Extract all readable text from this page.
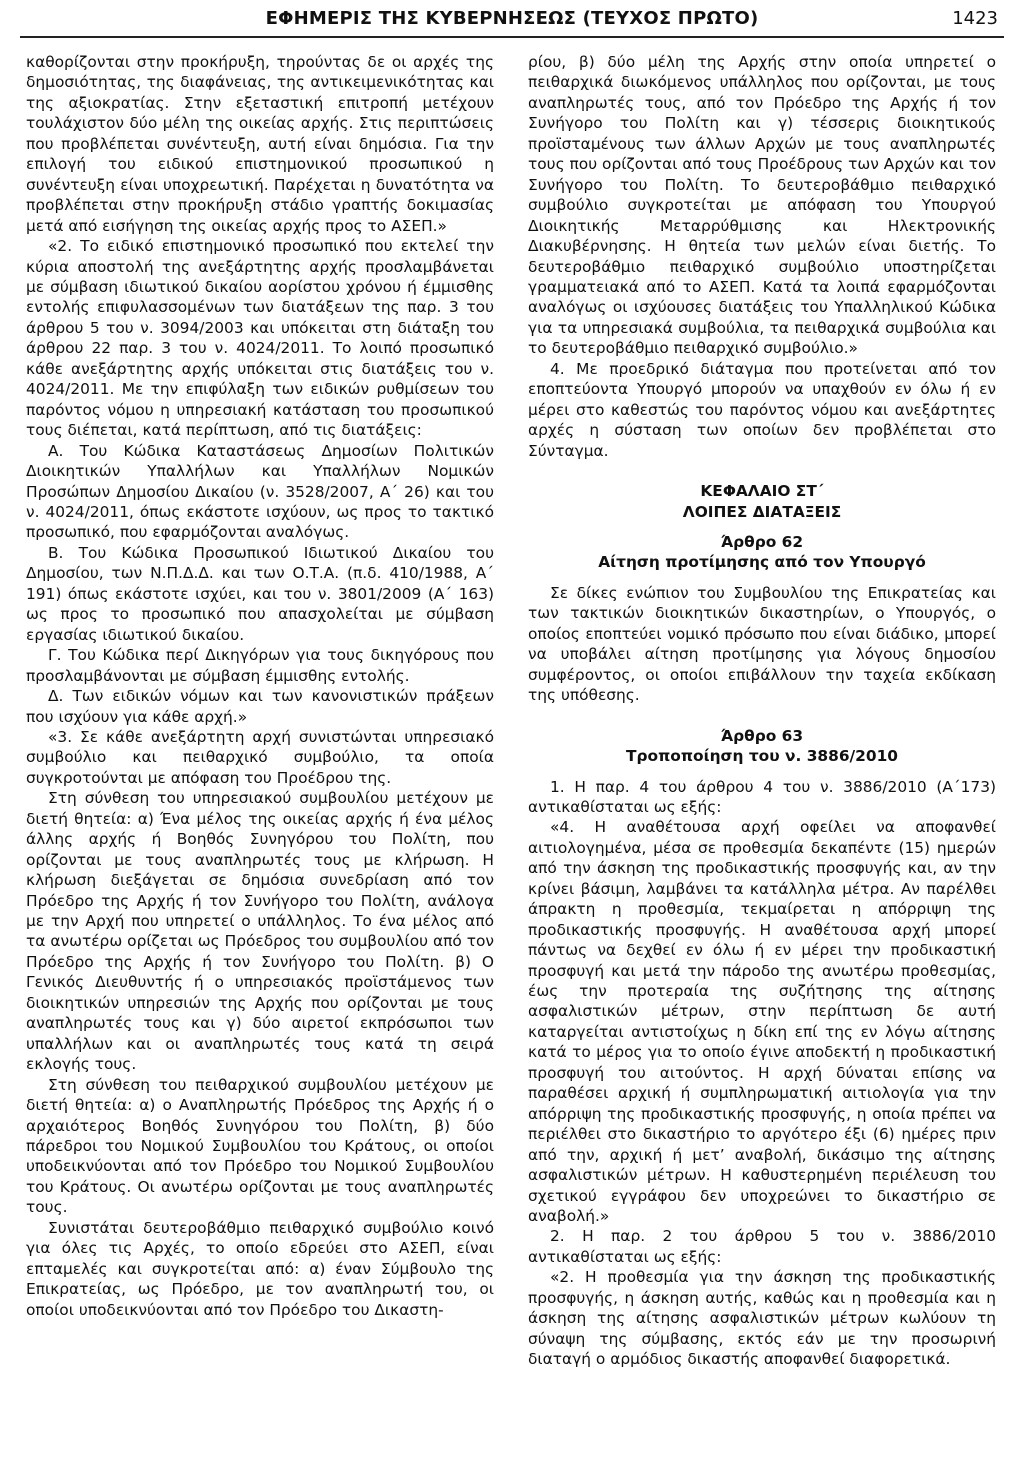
ΕΦΗΜΕΡΙΣ ΤΗΣ ΚΥΒΕΡΝΗΣΕΩΣ (ΤΕΥΧΟΣ ΠΡΩΤΟ)	1423

καθορίζονται στην προκήρυξη, τηρούντας δε οι αρχές της δημοσιότητας, της διαφάνειας, της αντικειμενικότητας και της αξιοκρατίας. Στην εξεταστική επιτροπή μετέχουν τουλάχιστον δύο μέλη της οικείας αρχής. Στις περιπτώσεις που προβλέπεται συνέντευξη, αυτή είναι δημόσια. Για την επιλογή του ειδικού επιστημονικού προσωπικού η συνέντευξη είναι υποχρεωτική. Παρέχεται η δυνατότητα να προβλέπεται στην προκήρυξη στάδιο γραπτής δοκιμασίας μετά από εισήγηση της οικείας αρχής προς το ΑΣΕΠ.»

«2. Το ειδικό επιστημονικό προσωπικό που εκτελεί την κύρια αποστολή της ανεξάρτητης αρχής προσλαμβάνεται με σύμβαση ιδιωτικού δικαίου αορίστου χρόνου ή έμμισθης εντολής επιφυλασσομένων των διατάξεων της παρ. 3 του άρθρου 5 του ν. 3094/2003 και υπόκειται στη διάταξη του άρθρου 22 παρ. 3 του ν. 4024/2011. Το λοιπό προσωπικό κάθε ανεξάρτητης αρχής υπόκειται στις διατάξεις του ν. 4024/2011. Με την επιφύλαξη των ειδικών ρυθμίσεων του παρόντος νόμου η υπηρεσιακή κατάσταση του προσωπικού τους διέπεται, κατά περίπτωση, από τις διατάξεις:

Α. Του Κώδικα Καταστάσεως Δημοσίων Πολιτικών Διοικητικών Υπαλλήλων και Υπαλλήλων Νομικών Προσώπων Δημοσίου Δικαίου (ν. 3528/2007, Α΄ 26) και του ν. 4024/2011, όπως εκάστοτε ισχύουν, ως προς το τακτικό προσωπικό, που εφαρμόζονται αναλόγως.

Β. Του Κώδικα Προσωπικού Ιδιωτικού Δικαίου του Δημοσίου, των Ν.Π.Δ.Δ. και των Ο.Τ.Α. (π.δ. 410/1988, Α΄ 191) όπως εκάστοτε ισχύει, και του ν. 3801/2009 (Α΄ 163) ως προς το προσωπικό που απασχολείται με σύμβαση εργασίας ιδιωτικού δικαίου.

Γ. Του Κώδικα περί Δικηγόρων για τους δικηγόρους που προσλαμβάνονται με σύμβαση έμμισθης εντολής.

Δ. Των ειδικών νόμων και των κανονιστικών πράξεων που ισχύουν για κάθε αρχή.»

«3. Σε κάθε ανεξάρτητη αρχή συνιστώνται υπηρεσιακό συμβούλιο και πειθαρχικό συμβούλιο, τα οποία συγκροτούνται με απόφαση του Προέδρου της.

Στη σύνθεση του υπηρεσιακού συμβουλίου μετέχουν με διετή θητεία: α) Ένα μέλος της οικείας αρχής ή ένα μέλος άλλης αρχής ή Βοηθός Συνηγόρου του Πολίτη, που ορίζονται με τους αναπληρωτές τους με κλήρωση. Η κλήρωση διεξάγεται σε δημόσια συνεδρίαση από τον Πρόεδρο της Αρχής ή τον Συνήγορο του Πολίτη, ανάλογα με την Αρχή που υπηρετεί ο υπάλληλος. Το ένα μέλος από τα ανωτέρω ορίζεται ως Πρόεδρος του συμβουλίου από τον Πρόεδρο της Αρχής ή τον Συνήγορο του Πολίτη. β) Ο Γενικός Διευθυντής ή ο υπηρεσιακός προϊστάμενος των διοικητικών υπηρεσιών της Αρχής που ορίζονται με τους αναπληρωτές τους και γ) δύο αιρετοί εκπρόσωποι των υπαλλήλων και οι αναπληρωτές τους κατά τη σειρά εκλογής τους.

Στη σύνθεση του πειθαρχικού συμβουλίου μετέχουν με διετή θητεία: α) ο Αναπληρωτής Πρόεδρος της Αρχής ή ο αρχαιότερος Βοηθός Συνηγόρου του Πολίτη, β) δύο πάρεδροι του Νομικού Συμβουλίου του Κράτους, οι οποίοι υποδεικνύονται από τον Πρόεδρο του Νομικού Συμβουλίου του Κράτους. Οι ανωτέρω ορίζονται με τους αναπληρωτές τους.

Συνιστάται δευτεροβάθμιο πειθαρχικό συμβούλιο κοινό για όλες τις Αρχές, το οποίο εδρεύει στο ΑΣΕΠ, είναι επταμελές και συγκροτείται από: α) έναν Σύμβουλο της Επικρατείας, ως Πρόεδρο, με τον αναπληρωτή του, οι οποίοι υποδεικνύονται από τον Πρόεδρο του Δικαστη-

ρίου, β) δύο μέλη της Αρχής στην οποία υπηρετεί ο πειθαρχικά διωκόμενος υπάλληλος που ορίζονται, με τους αναπληρωτές τους, από τον Πρόεδρο της Αρχής ή τον Συνήγορο του Πολίτη και γ) τέσσερις διοικητικούς προϊσταμένους των άλλων Αρχών με τους αναπληρωτές τους που ορίζονται από τους Προέδρους των Αρχών και τον Συνήγορο του Πολίτη. Το δευτεροβάθμιο πειθαρχικό συμβούλιο συγκροτείται με απόφαση του Υπουργού Διοικητικής Μεταρρύθμισης και Ηλεκτρονικής Διακυβέρνησης. Η θητεία των μελών είναι διετής. Το δευτεροβάθμιο πειθαρχικό συμβούλιο υποστηρίζεται γραμματειακά από το ΑΣΕΠ. Κατά τα λοιπά εφαρμόζονται αναλόγως οι ισχύουσες διατάξεις του Υπαλληλικού Κώδικα για τα υπηρεσιακά συμβούλια, τα πειθαρχικά συμβούλια και το δευτεροβάθμιο πειθαρχικό συμβούλιο.»

4. Με προεδρικό διάταγμα που προτείνεται από τον εποπτεύοντα Υπουργό μπορούν να υπαχθούν εν όλω ή εν μέρει στο καθεστώς του παρόντος νόμου και ανεξάρτητες αρχές η σύσταση των οποίων δεν προβλέπεται στο Σύνταγμα.

ΚΕΦΑΛΑΙΟ ΣΤ΄

ΛΟΙΠΕΣ ΔΙΑΤΑΞΕΙΣ

Άρθρο 62

Αίτηση προτίμησης από τον Υπουργό

Σε δίκες ενώπιον του Συμβουλίου της Επικρατείας και των τακτικών διοικητικών δικαστηρίων, ο Υπουργός, ο οποίος εποπτεύει νομικό πρόσωπο που είναι διάδικο, μπορεί να υποβάλει αίτηση προτίμησης για λόγους δημοσίου συμφέροντος, οι οποίοι επιβάλλουν την ταχεία εκδίκαση της υπόθεσης.

Άρθρο 63

Τροποποίηση του ν. 3886/2010

1. Η παρ. 4 του άρθρου 4 του ν. 3886/2010 (Α΄173) αντικαθίσταται ως εξής:

«4. Η αναθέτουσα αρχή οφείλει να αποφανθεί αιτιολογημένα, μέσα σε προθεσμία δεκαπέντε (15) ημερών από την άσκηση της προδικαστικής προσφυγής και, αν την κρίνει βάσιμη, λαμβάνει τα κατάλληλα μέτρα. Αν παρέλθει άπρακτη η προθεσμία, τεκμαίρεται η απόρριψη της προδικαστικής προσφυγής. Η αναθέτουσα αρχή μπορεί πάντως να δεχθεί εν όλω ή εν μέρει την προδικαστική προσφυγή και μετά την πάροδο της ανωτέρω προθεσμίας, έως την προτεραία της συζήτησης της αίτησης ασφαλιστικών μέτρων, στην περίπτωση δε αυτή καταργείται αντιστοίχως η δίκη επί της εν λόγω αίτησης κατά το μέρος για το οποίο έγινε αποδεκτή η προδικαστική προσφυγή του αιτούντος. Η αρχή δύναται επίσης να παραθέσει αρχική ή συμπληρωματική αιτιολογία για την απόρριψη της προδικαστικής προσφυγής, η οποία πρέπει να περιέλθει στο δικαστήριο το αργότερο έξι (6) ημέρες πριν από την, αρχική ή μετ’ αναβολή, δικάσιμο της αίτησης ασφαλιστικών μέτρων. Η καθυστερημένη περιέλευση του σχετικού εγγράφου δεν υποχρεώνει το δικαστήριο σε αναβολή.»

2. Η παρ. 2 του άρθρου 5 του ν. 3886/2010 αντικαθίσταται ως εξής:

«2. Η προθεσμία για την άσκηση της προδικαστικής προσφυγής, η άσκηση αυτής, καθώς και η προθεσμία και η άσκηση της αίτησης ασφαλιστικών μέτρων κωλύουν τη σύναψη της σύμβασης, εκτός εάν με την προσωρινή διαταγή ο αρμόδιος δικαστής αποφανθεί διαφορετικά.
